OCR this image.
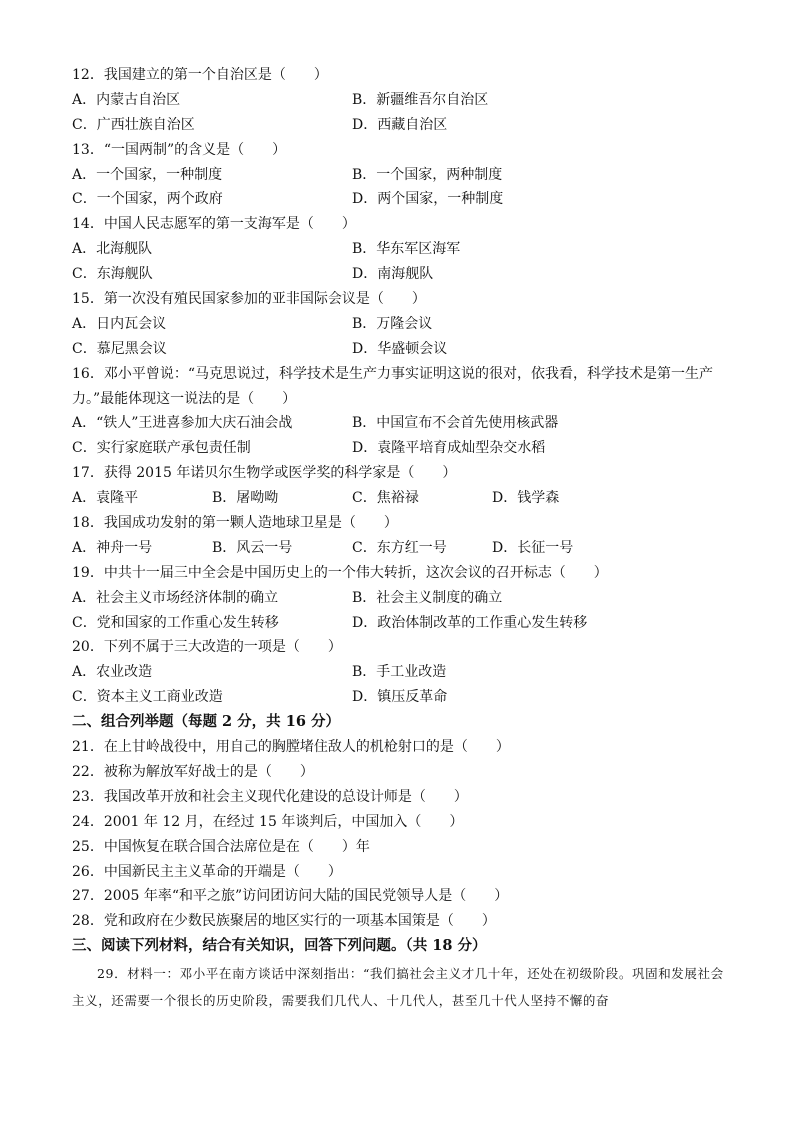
12．我国建立的第一个自治区是（　　）
A．内蒙古自治区	B．新疆维吾尔自治区
C．广西壮族自治区	D．西藏自治区
13．“一国两制”的含义是（　　）
A．一个国家，一种制度	B．一个国家，两种制度
C．一个国家，两个政府	D．两个国家，一种制度
14．中国人民志愿军的第一支海军是（　　）
A．北海舰队	B．华东军区海军
C．东海舰队	D．南海舰队
15．第一次没有殖民国家参加的亚非国际会议是（　　）
A．日内瓦会议	B．万隆会议
C．慕尼黑会议	D．华盛顿会议
16．邓小平曾说：“马克思说过，科学技术是生产力事实证明这说的很对，依我看，科学技术是第一生产
力。”最能体现这一说法的是（　　）
A．“铁人”王进喜参加大庆石油会战	B．中国宣布不会首先使用核武器
C．实行家庭联产承包责任制	D．袁隆平培育成灿型杂交水稻
17．获得 2015 年诺贝尔生物学或医学奖的科学家是（　　）
A．袁隆平	B．屠呦呦	C．焦裕禄	D．钱学森
18．我国成功发射的第一颗人造地球卫星是（　　）
A．神舟一号	B．风云一号	C．东方红一号	D．长征一号
19．中共十一届三中全会是中国历史上的一个伟大转折，这次会议的召开标志（　　）
A．社会主义市场经济体制的确立	B．社会主义制度的确立
C．党和国家的工作重心发生转移	D．政治体制改革的工作重心发生转移
20．下列不属于三大改造的一项是（　　）
A．农业改造	B．手工业改造
C．资本主义工商业改造	D．镇压反革命
二、组合列举题（每题 2 分，共 16 分）
21．在上甘岭战役中，用自己的胸膛堵住敌人的机枪射口的是（　　）
22．被称为解放军好战士的是（　　）
23．我国改革开放和社会主义现代化建设的总设计师是（　　）
24．2001 年 12 月，在经过 15 年谈判后，中国加入（　　）
25．中国恢复在联合国合法席位是在（　　）年
26．中国新民主主义革命的开端是（　　）
27．2005 年率“和平之旅”访问团访问大陆的国民党领导人是（　　）
28．党和政府在少数民族聚居的地区实行的一项基本国策是（　　）
三、阅读下列材料，结合有关知识，回答下列问题。（共 18 分）
29．材料一：邓小平在南方谈话中深刻指出：“我们搞社会主义才几十年，还处在初级阶段。巩固和发展社会主义，还需要一个很长的历史阶段，需要我们几代人、十几代人，甚至几十代人坚持不懈的奋
